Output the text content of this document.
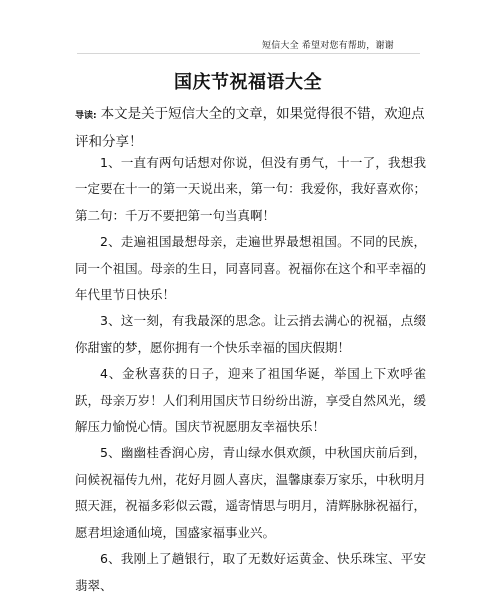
短信大全 希望对您有帮助，谢谢
国庆节祝福语大全
导读: 本文是关于短信大全的文章，如果觉得很不错，欢迎点评和分享！

1、一直有两句话想对你说，但没有勇气，十一了，我想我一定要在十一的第一天说出来，第一句：我爱你，我好喜欢你；第二句：千万不要把第一句当真啊！

2、走遍祖国最想母亲，走遍世界最想祖国。不同的民族，同一个祖国。母亲的生日，同喜同喜。祝福你在这个和平幸福的年代里节日快乐！

3、这一刻，有我最深的思念。让云捎去满心的祝福，点缀你甜蜜的梦，愿你拥有一个快乐幸福的国庆假期！

4、金秋喜获的日子，迎来了祖国华诞，举国上下欢呼雀跃，母亲万岁！人们利用国庆节日纷纷出游，享受自然风光，缓解压力愉悦心情。国庆节祝愿朋友幸福快乐！

5、幽幽桂香润心房，青山绿水俱欢颜，中秋国庆前后到，问候祝福传九州，花好月圆人喜庆，温馨康泰万家乐，中秋明月照天涯，祝福多彩似云霞，遥寄情思与明月，清辉脉脉祝福行，愿君坦途通仙境，国盛家福事业兴。

6、我刚上了趟银行，取了无数好运黄金、快乐珠宝、平安翡翠、
